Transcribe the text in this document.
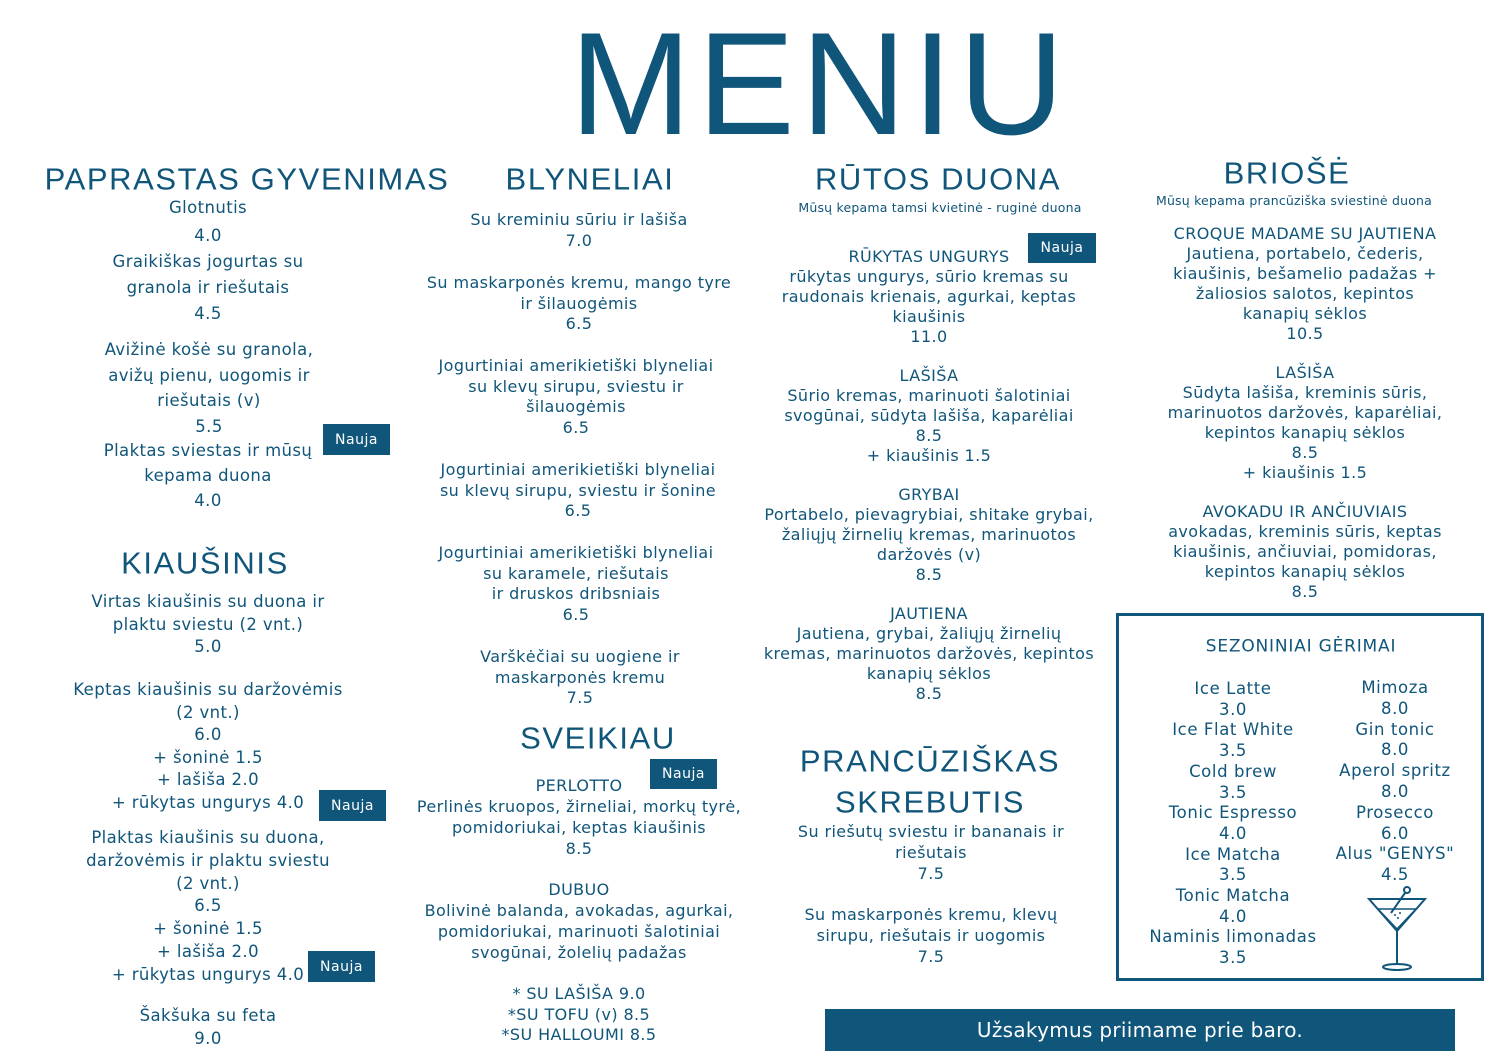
MENIU
Užsakymus priimame prie baro.
PAPRASTAS GYVENIMAS
Glotnutis
4.0
Graikiškas jogurtas su
granola ir riešutais
4.5
Avižinė košė su granola,
avižų pienu, uogomis ir
riešutais (v)
5.5
Plaktas sviestas ir mūsų
kepama duona
4.0
Nauja
KIAUŠINIS
Virtas kiaušinis su duona ir
plaktu sviestu (2 vnt.)
5.0
Keptas kiaušinis su daržovėmis
(2 vnt.)
6.0
+ šoninė 1.5
+ lašiša 2.0
+ rūkytas ungurys 4.0	Nauja
Plaktas kiaušinis su duona,
daržovėmis ir plaktu sviestu
(2 vnt.)
6.5
+ šoninė 1.5
+ lašiša 2.0
+ rūkytas ungurys 4.0	Nauja
Šakšuka su feta
9.0
BLYNELIAI
Su kreminiu sūriu ir lašiša
7.0
Su maskarponės kremu, mango tyre
ir šilauogėmis
6.5
Jogurtiniai amerikietiški blyneliai
su klevų sirupu, sviestu ir
šilauogėmis
6.5
Jogurtiniai amerikietiški blyneliai
su klevų sirupu, sviestu ir šonine
6.5
Jogurtiniai amerikietiški blyneliai
su karamele, riešutais
ir druskos dribsniais
6.5
Varškėčiai su uogiene ir
maskarponės kremu
7.5
SVEIKIAU
PERLOTTO
Perlinės kruopos, žirneliai, morkų tyrė,
pomidoriukai, keptas kiaušinis
8.5
Nauja
DUBUO
Bolivinė balanda, avokadas, agurkai,
pomidoriukai, marinuoti šalotiniai
svogūnai, žolelių padažas
* SU LAŠIŠA 9.0
*SU TOFU (v) 8.5
*SU HALLOUMI 8.5
RŪTOS DUONA
Mūsų kepama tamsi kvietinė - ruginė duona
RŪKYTAS UNGURYS
rūkytas ungurys, sūrio kremas su
raudonais krienais, agurkai, keptas
kiaušinis
11.0
Nauja
LAŠIŠA
Sūrio kremas, marinuoti šalotiniai
svogūnai, sūdyta lašiša, kaparėliai
8.5
+ kiaušinis 1.5
GRYBAI
Portabelo, pievagrybiai, shitake grybai,
žaliųjų žirnelių kremas, marinuotos
daržovės (v)
8.5
JAUTIENA
Jautiena, grybai, žaliųjų žirnelių
kremas, marinuotos daržovės, kepintos
kanapių sėklos
8.5
PRANCŪZIŠKAS
SKREBUTIS
Su riešutų sviestu ir bananais ir
riešutais
7.5
Su maskarponės kremu, klevų
sirupu, riešutais ir uogomis
7.5
BRIOŠĖ
Mūsų kepama prancūziška sviestinė duona
CROQUE MADAME SU JAUTIENA
Jautiena, portabelo, čederis,
kiaušinis, bešamelio padažas +
žaliosios salotos, kepintos
kanapių sėklos
10.5
LAŠIŠA
Sūdyta lašiša, kreminis sūris,
marinuotos daržovės, kaparėliai,
kepintos kanapių sėklos
8.5
+ kiaušinis 1.5
AVOKADU IR ANČIUVIAIS
avokadas, kreminis sūris, keptas
kiaušinis, ančiuviai, pomidoras,
kepintos kanapių sėklos
8.5
SEZONINIAI GĖRIMAI
Ice Latte
3.0
Ice Flat White
3.5
Cold brew
3.5
Tonic Espresso
4.0
Ice Matcha
3.5
Tonic Matcha
4.0
Naminis limonadas
3.5
Mimoza
8.0
Gin tonic
8.0
Aperol spritz
8.0
Prosecco
6.0
Alus "GENYS"
4.5
